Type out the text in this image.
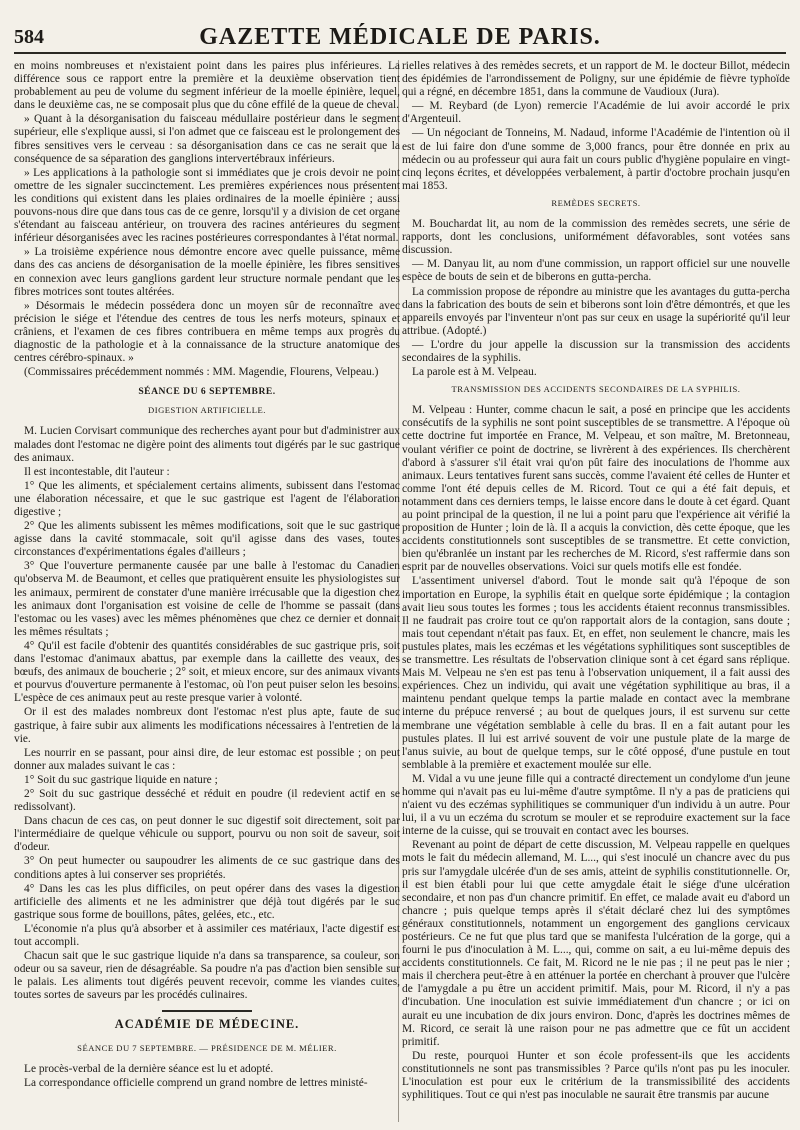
584	GAZETTE MÉDICALE DE PARIS.

en moins nombreuses et n'existaient point dans les paires plus inférieures. La différence sous ce rapport entre la première et la deuxième observation tient probablement au peu de volume du segment inférieur de la moelle épinière, lequel, dans le deuxième cas, ne se composait plus que du cône effilé de la queue de cheval.

» Quant à la désorganisation du faisceau médullaire postérieur dans le segment supérieur, elle s'explique aussi, si l'on admet que ce faisceau est le prolongement des fibres sensitives vers le cerveau : sa désorganisation dans ce cas ne serait que la conséquence de sa séparation des ganglions intervertébraux inférieurs.

» Les applications à la pathologie sont si immédiates que je crois devoir ne point omettre de les signaler succinctement. Les premières expériences nous présentent les conditions qui existent dans les plaies ordinaires de la moelle épinière ; aussi pouvons-nous dire que dans tous cas de ce genre, lorsqu'il y a division de cet organe s'étendant au faisceau antérieur, on trouvera des racines antérieures du segment inférieur désorganisées avec les racines postérieures correspondantes à l'état normal.

» La troisième expérience nous démontre encore avec quelle puissance, même dans des cas anciens de désorganisation de la moelle épinière, les fibres sensitives en connexion avec leurs ganglions gardent leur structure normale pendant que les fibres motrices sont toutes altérées.

» Désormais le médecin possédera donc un moyen sûr de reconnaître avec précision le siége et l'étendue des centres de tous les nerfs moteurs, spinaux et crâniens, et l'examen de ces fibres contribuera en même temps aux progrès du diagnostic de la pathologie et à la connaissance de la structure anatomique des centres cérébro-spinaux. »

(Commissaires précédemment nommés : MM. Magendie, Flourens, Velpeau.)

SÉANCE DU 6 SEPTEMBRE.
DIGESTION ARTIFICIELLE.

M. Lucien Corvisart communique des recherches ayant pour but d'administrer aux malades dont l'estomac ne digère point des aliments tout digérés par le suc gastrique des animaux.

Il est incontestable, dit l'auteur :

1° Que les aliments, et spécialement certains aliments, subissent dans l'estomac une élaboration nécessaire, et que le suc gastrique est l'agent de l'élaboration digestive ;

2° Que les aliments subissent les mêmes modifications, soit que le suc gastrique agisse dans la cavité stommacale, soit qu'il agisse dans des vases, toutes circonstances d'expérimentations égales d'ailleurs ;

3° Que l'ouverture permanente causée par une balle à l'estomac du Canadien qu'observa M. de Beaumont, et celles que pratiquèrent ensuite les physiologistes sur les animaux, permirent de constater d'une manière irrécusable que la digestion chez les animaux dont l'organisation est voisine de celle de l'homme se passait (dans l'estomac ou les vases) avec les mêmes phénomènes que chez ce dernier et donnait les mêmes résultats ;

4° Qu'il est facile d'obtenir des quantités considérables de suc gastrique pris, soit dans l'estomac d'animaux abattus, par exemple dans la caillette des veaux, des bœufs, des animaux de boucherie ; 2° soit, et mieux encore, sur des animaux vivants et pourvus d'ouverture permanente à l'estomac, où l'on peut puiser selon les besoins. L'espèce de ces animaux peut au reste presque varier à volonté.

Or il est des malades nombreux dont l'estomac n'est plus apte, faute de suc gastrique, à faire subir aux aliments les modifications nécessaires à l'entretien de la vie.

Les nourrir en se passant, pour ainsi dire, de leur estomac est possible ; on peut donner aux malades suivant le cas :

1° Soit du suc gastrique liquide en nature ;

2° Soit du suc gastrique desséché et réduit en poudre (il redevient actif en se redissolvant).

Dans chacun de ces cas, on peut donner le suc digestif soit directement, soit par l'intermédiaire de quelque véhicule ou support, pourvu ou non soit de saveur, soit d'odeur.

3° On peut humecter ou saupoudrer les aliments de ce suc gastrique dans des conditions aptes à lui conserver ses propriétés.

4° Dans les cas les plus difficiles, on peut opérer dans des vases la digestion artificielle des aliments et ne les administrer que déjà tout digérés par le suc gastrique sous forme de bouillons, pâtes, gelées, etc., etc.

L'économie n'a plus qu'à absorber et à assimiler ces matériaux, l'acte digestif est tout accompli.

Chacun sait que le suc gastrique liquide n'a dans sa transparence, sa couleur, son odeur ou sa saveur, rien de désagréable. Sa poudre n'a pas d'action bien sensible sur le palais. Les aliments tout digérés peuvent recevoir, comme les viandes cuites, toutes sortes de saveurs par les procédés culinaires.

ACADÉMIE DE MÉDECINE.
SÉANCE DU 7 SEPTEMBRE. — PRÉSIDENCE DE M. MÉLIER.

Le procès-verbal de la dernière séance est lu et adopté.

La correspondance officielle comprend un grand nombre de lettres ministé-

rielles relatives à des remèdes secrets, et un rapport de M. le docteur Billot, médecin des épidémies de l'arrondissement de Poligny, sur une épidémie de fièvre typhoïde qui a régné, en décembre 1851, dans la commune de Vaudioux (Jura).

— M. Reybard (de Lyon) remercie l'Académie de lui avoir accordé le prix d'Argenteuil.

— Un négociant de Tonneins, M. Nadaud, informe l'Académie de l'intention où il est de lui faire don d'une somme de 3,000 francs, pour être donnée en prix au médecin ou au professeur qui aura fait un cours public d'hygiène populaire en vingt-cinq leçons écrites, et développées verbalement, à partir d'octobre prochain jusqu'en mai 1853.

REMÈDES SECRETS.

M. Bouchardat lit, au nom de la commission des remèdes secrets, une série de rapports, dont les conclusions, uniformément défavorables, sont votées sans discussion.

— M. Danyau lit, au nom d'une commission, un rapport officiel sur une nouvelle espèce de bouts de sein et de biberons en gutta-percha.

La commission propose de répondre au ministre que les avantages du gutta-percha dans la fabrication des bouts de sein et biberons sont loin d'être démontrés, et que les appareils envoyés par l'inventeur n'ont pas sur ceux en usage la supériorité qu'il leur attribue. (Adopté.)

— L'ordre du jour appelle la discussion sur la transmission des accidents secondaires de la syphilis.

La parole est à M. Velpeau.

TRANSMISSION DES ACCIDENTS SECONDAIRES DE LA SYPHILIS.

M. Velpeau : Hunter, comme chacun le sait, a posé en principe que les accidents consécutifs de la syphilis ne sont point susceptibles de se transmettre. A l'époque où cette doctrine fut importée en France, M. Velpeau, et son maître, M. Bretonneau, voulant vérifier ce point de doctrine, se livrèrent à des expériences. Ils cherchèrent d'abord à s'assurer s'il était vrai qu'on pût faire des inoculations de l'homme aux animaux. Leurs tentatives furent sans succès, comme l'avaient été celles de Hunter et comme l'ont été depuis celles de M. Ricord. Tout ce qui a été fait depuis, et notamment dans ces derniers temps, le laisse encore dans le doute à cet égard. Quant au point principal de la question, il ne lui a point paru que l'expérience ait vérifié la proposition de Hunter ; loin de là. Il a acquis la conviction, dès cette époque, que les accidents constitutionnels sont susceptibles de se transmettre. Et cette conviction, bien qu'ébranlée un instant par les recherches de M. Ricord, s'est raffermie dans son esprit par de nouvelles observations. Voici sur quels motifs elle est fondée.

L'assentiment universel d'abord. Tout le monde sait qu'à l'époque de son importation en Europe, la syphilis était en quelque sorte épidémique ; la contagion avait lieu sous toutes les formes ; tous les accidents étaient reconnus transmissibles. Il ne faudrait pas croire tout ce qu'on rapportait alors de la contagion, sans doute ; mais tout cependant n'était pas faux. Et, en effet, non seulement le chancre, mais les pustules plates, mais les eczémas et les végétations syphilitiques sont susceptibles de se transmettre. Les résultats de l'observation clinique sont à cet égard sans réplique. Mais M. Velpeau ne s'en est pas tenu à l'observation uniquement, il a fait aussi des expériences. Chez un individu, qui avait une végétation syphilitique au bras, il a maintenu pendant quelque temps la partie malade en contact avec la membrane interne du prépuce renversé ; au bout de quelques jours, il est survenu sur cette membrane une végétation semblable à celle du bras. Il en a fait autant pour les pustules plates. Il lui est arrivé souvent de voir une pustule plate de la marge de l'anus suivie, au bout de quelque temps, sur le côté opposé, d'une pustule en tout semblable à la première et exactement moulée sur elle.

M. Vidal a vu une jeune fille qui a contracté directement un condylome d'un jeune homme qui n'avait pas eu lui-même d'autre symptôme. Il n'y a pas de praticiens qui n'aient vu des eczémas syphilitiques se communiquer d'un individu à un autre. Pour lui, il a vu un eczéma du scrotum se mouler et se reproduire exactement sur la face interne de la cuisse, qui se trouvait en contact avec les bourses.

Revenant au point de départ de cette discussion, M. Velpeau rappelle en quelques mots le fait du médecin allemand, M. L..., qui s'est inoculé un chancre avec du pus pris sur l'amygdale ulcérée d'un de ses amis, atteint de syphilis constitutionnelle. Or, il est bien établi pour lui que cette amygdale était le siége d'une ulcération secondaire, et non pas d'un chancre primitif. En effet, ce malade avait eu d'abord un chancre ; puis quelque temps après il s'était déclaré chez lui des symptômes généraux constitutionnels, notamment un engorgement des ganglions cervicaux postérieurs. Ce ne fut que plus tard que se manifesta l'ulcération de la gorge, qui a fourni le pus d'inoculation à M. L..., qui, comme on sait, a eu lui-même depuis des accidents constitutionnels. Ce fait, M. Ricord ne le nie pas ; il ne peut pas le nier ; mais il cherchera peut-être à en atténuer la portée en cherchant à prouver que l'ulcère de l'amygdale a pu être un accident primitif. Mais, pour M. Ricord, il n'y a pas d'incubation. Une inoculation est suivie immédiatement d'un chancre ; or ici on aurait eu une incubation de dix jours environ. Donc, d'après les doctrines mêmes de M. Ricord, ce serait là une raison pour ne pas admettre que ce fût un accident primitif.

Du reste, pourquoi Hunter et son école professent-ils que les accidents constitutionnels ne sont pas transmissibles ? Parce qu'ils n'ont pas pu les inoculer. L'inoculation est pour eux le critérium de la transmissibilité des accidents syphilitiques. Tout ce qui n'est pas inoculable ne saurait être transmis par aucune
